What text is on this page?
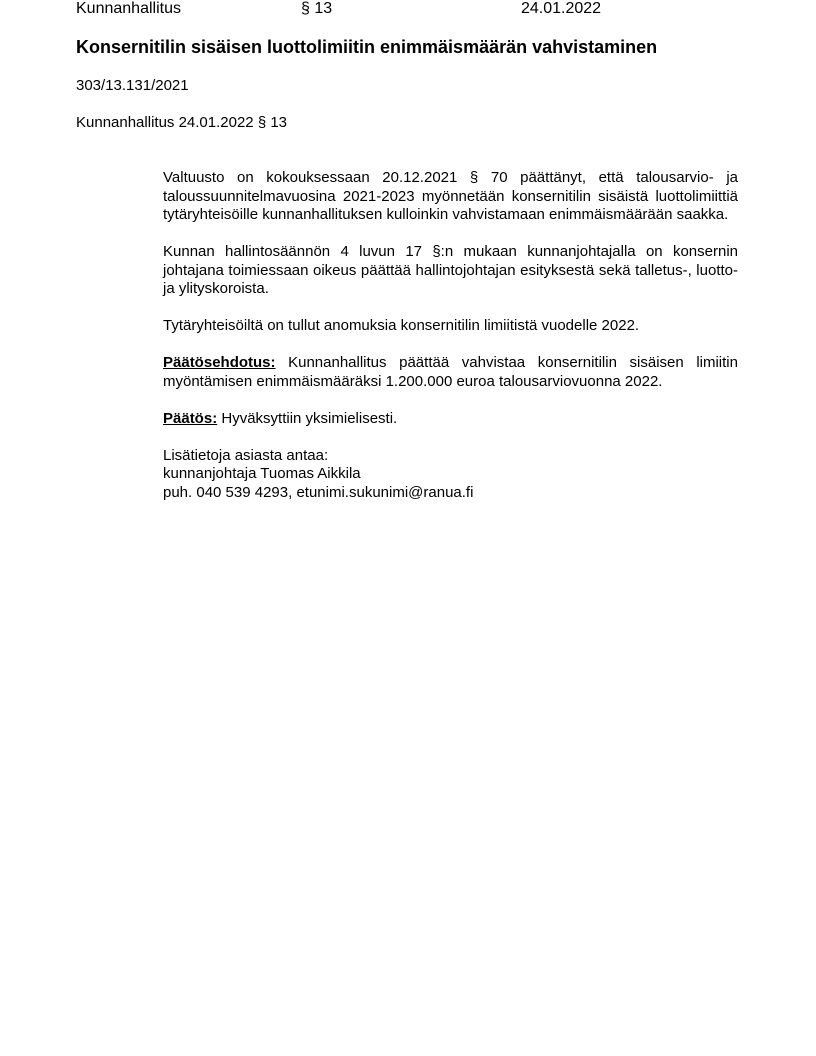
Kunnanhallitus	§ 13	24.01.2022
Konsernitilin sisäisen luottolimiitin enimmäismäärän vahvistaminen
303/13.131/2021
Kunnanhallitus 24.01.2022 § 13

Valtuusto on kokouksessaan 20.12.2021 § 70 päättänyt, että talousarvio- ja taloussuunnitelmavuosina 2021-2023 myönnetään konsernitilin sisäistä luottolimiittiä tytäryhteisöille kunnanhallituksen kulloinkin vahvistamaan enimmäismäärään saakka.

Kunnan hallintosäännön 4 luvun 17 §:n mukaan kunnanjohtajalla on konsernin johtajana toimiessaan oikeus päättää hallintojohtajan esityksestä sekä talletus-, luotto- ja ylityskoroista.

Tytäryhteisöiltä on tullut anomuksia konsernitilin limiitistä vuodelle 2022.

Päätösehdotus: Kunnanhallitus päättää vahvistaa konsernitilin sisäisen limiitin myöntämisen enimmäismääräksi 1.200.000 euroa talousarviovuonna 2022.

Päätös: Hyväksyttiin yksimielisesti.

Lisätietoja asiasta antaa:
kunnanjohtaja Tuomas Aikkila
puh. 040 539 4293, etunimi.sukunimi@ranua.fi
